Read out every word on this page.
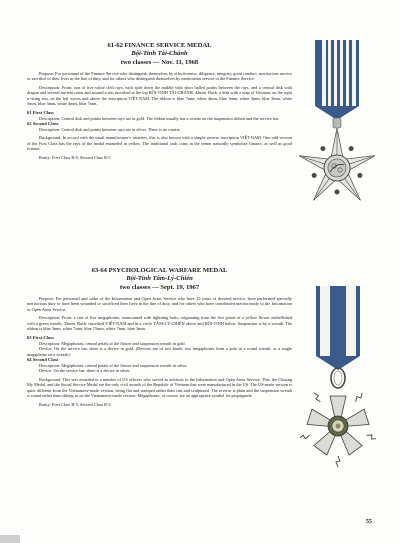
61-62 FINANCE SERVICE MEDAL
Bội-Tinh Tài-Chánh
two classes — Nov. 11, 1968
Purpose: For personnel of the Finance Service who distinguish themselves by effectiveness, diligence, integrity, good conduct, meritorious service or sacrifice of their lives in the line of duty, and for others who distinguish themselves by meritorious service to the Finance Service.
Description: Front: star of five white cleft rays, each split down the middle with short balled points between the rays, and a central disk with dragon and several ancient coins and around a rim inscribed at the top BỘI-TINH TÀI-CHÁNH, 42mm. Back: a disk with a map of Vietnam, on the right a rising sun, on the left waves and above the inscription VIỆT-NAM. The ribbon is blue 7mm, white 4mm, blue 3mm, white 3mm, blue 3mm, white 3mm, blue 3mm, white 4mm, blue 7mm.
61 First Class
Description: Central disk and points between rays are in gold. The ribbon usually has a rosette on the suspension ribbon and the service bar.
62 Second Class
Description: Central disk and points between rays are in silver. There is no rosette.
Background: In accord with the usual manufacturer's varieties, this is also known with a simple reverse inscription VIỆT-NAM. One odd version of the First Class has the rays of the medal enameled in yellow. The traditional cash coins in the center naturally symbolize finance, as well as good fortune.
Rarity: First Class R-5; Second Class R-5
63-64 PSYCHOLOGICAL WARFARE MEDAL
Bội-Tinh Tâm-Lý-Chiến
two classes — Sept. 19, 1967
Purpose: For personnel and cadre of the Information and Open Arms Service who have 15 years of devoted service, have performed specially meritorious duty or have been wounded or sacrificed their lives in the line of duty, and for others who have contributed meritoriously to the Information or Open Arms Service.
Description: Front: a star of five megaphones, surmounted with lightning bolts, originating from the five petals of a yellow flower embellished with a green wreath, 35mm. Back: inscribed VIỆT-NAM and in a circle TÂM-LÝ-CHIẾN above and BỘI-TINH below. Suspension is by a wreath. The ribbon is blue 3mm, white 7mm, blue 15mm, white 7mm, blue 3mm.
63 First Class
Description: Megaphones, central petals of the flower and suspension wreath in gold.
Device: On the service bar, there is a device in gold. (Devices are of two kinds: two megaphones from a pole in a round wreath, or a single megaphone on a wreath.)
64 Second Class
Description: Megaphones, central petals of the flower and suspension wreath in silver.
Device: On the service bar, there is a device in silver.
Background: This was awarded to a number of US officers who served as advisors to the Information and Open Arms Service. This, the Chuong My Medal, and the Social Service Medal are the only civil awards of the Republic of Vietnam that were manufactured in the US. The US-made version is quite different from the Vietnamese-made version, being flat and stamped rather than cast and sculptured. The reverse is plain and the suspension wreath is round rather than oblong as on the Vietnamese-made version. Megaphones, of course, are an appropriate symbol for propaganda.
Rarity: First Class R-5; Second Class R-4
55
